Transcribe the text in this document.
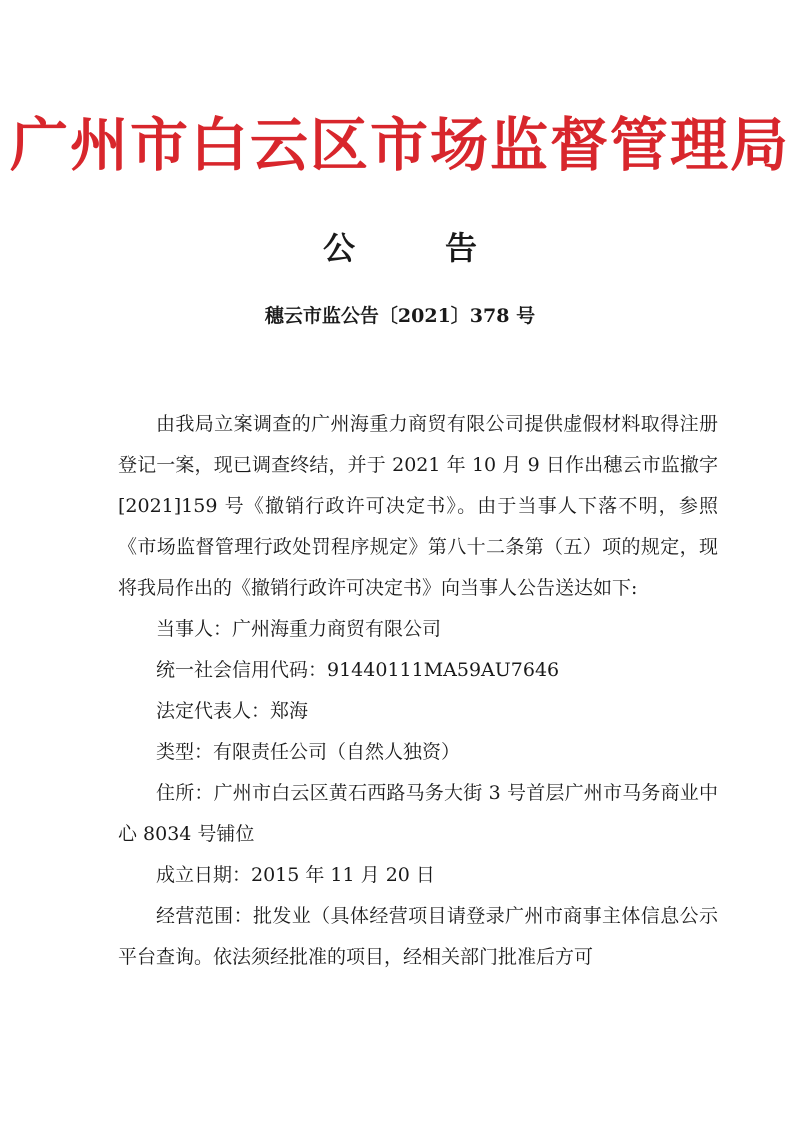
广州市白云区市场监督管理局
公	告
穗云市监公告〔2021〕378 号

由我局立案调查的广州海重力商贸有限公司提供虚假材料取得注册登记一案，现已调查终结，并于 2021 年 10 月 9 日作出穗云市监撤字[2021]159 号《撤销行政许可决定书》。由于当事人下落不明，参照《市场监督管理行政处罚程序规定》第八十二条第（五）项的规定，现将我局作出的《撤销行政许可决定书》向当事人公告送达如下:

当事人：广州海重力商贸有限公司

统一社会信用代码：91440111MA59AU7646

法定代表人：郑海

类型：有限责任公司（自然人独资）

住所：广州市白云区黄石西路马务大街 3 号首层广州市马务商业中心 8034 号铺位

成立日期：2015 年 11 月 20 日

经营范围：批发业（具体经营项目请登录广州市商事主体信息公示平台查询。依法须经批准的项目，经相关部门批准后方可
